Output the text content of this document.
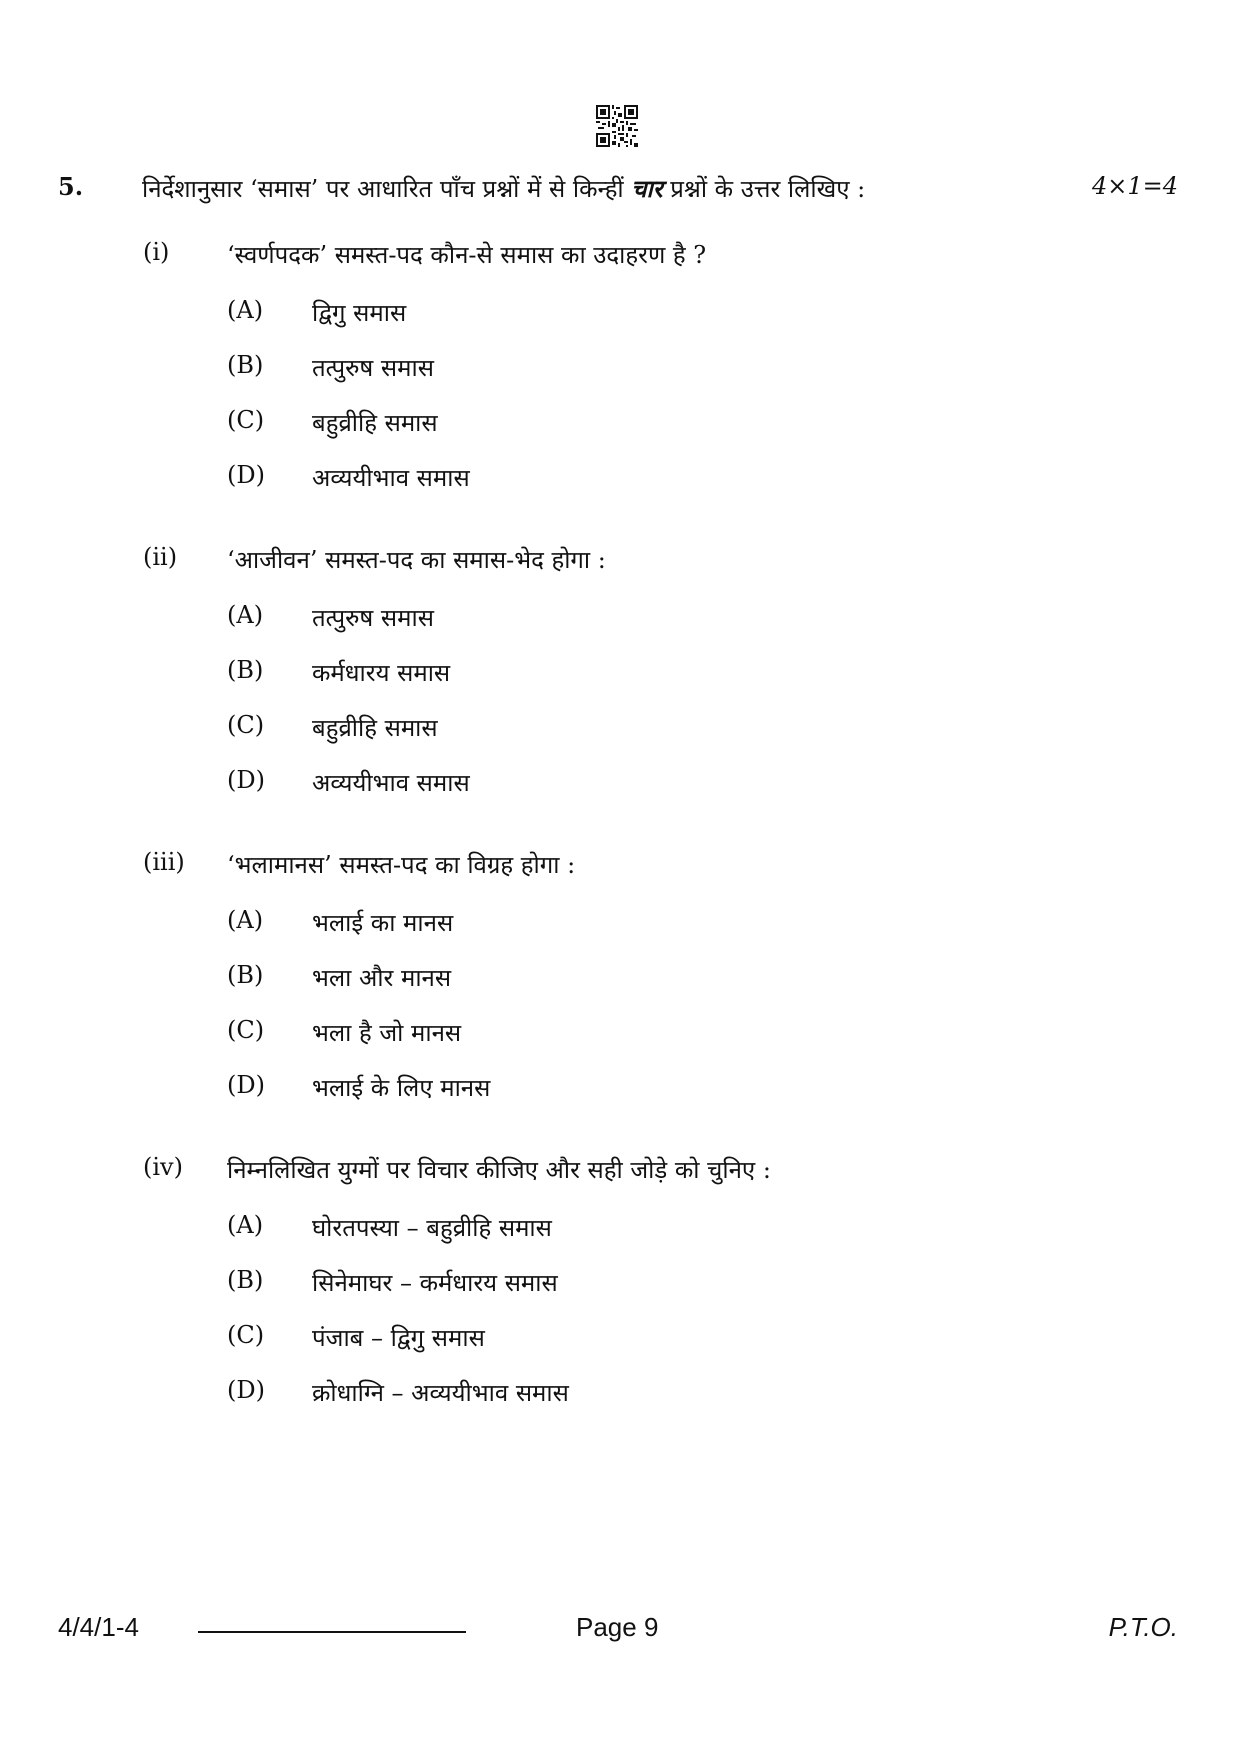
5. निर्देशानुसार ‘समास’ पर आधारित पाँच प्रश्नों में से किन्हीं चार प्रश्नों के उत्तर लिखिए :	4×1=4
(i) ‘स्वर्णपदक’ समस्त-पद कौन-से समास का उदाहरण है ?
(A) द्विगु समास
(B) तत्पुरुष समास
(C) बहुव्रीहि समास
(D) अव्ययीभाव समास
(ii) ‘आजीवन’ समस्त-पद का समास-भेद होगा :
(A) तत्पुरुष समास
(B) कर्मधारय समास
(C) बहुव्रीहि समास
(D) अव्ययीभाव समास
(iii) ‘भलामानस’ समस्त-पद का विग्रह होगा :
(A) भलाई का मानस
(B) भला और मानस
(C) भला है जो मानस
(D) भलाई के लिए मानस
(iv) निम्नलिखित युग्मों पर विचार कीजिए और सही जोड़े को चुनिए :
(A) घोरतपस्या – बहुव्रीहि समास
(B) सिनेमाघर – कर्मधारय समास
(C) पंजाब – द्विगु समास
(D) क्रोधाग्नि – अव्ययीभाव समास
4/4/1-4	Page 9	P.T.O.
